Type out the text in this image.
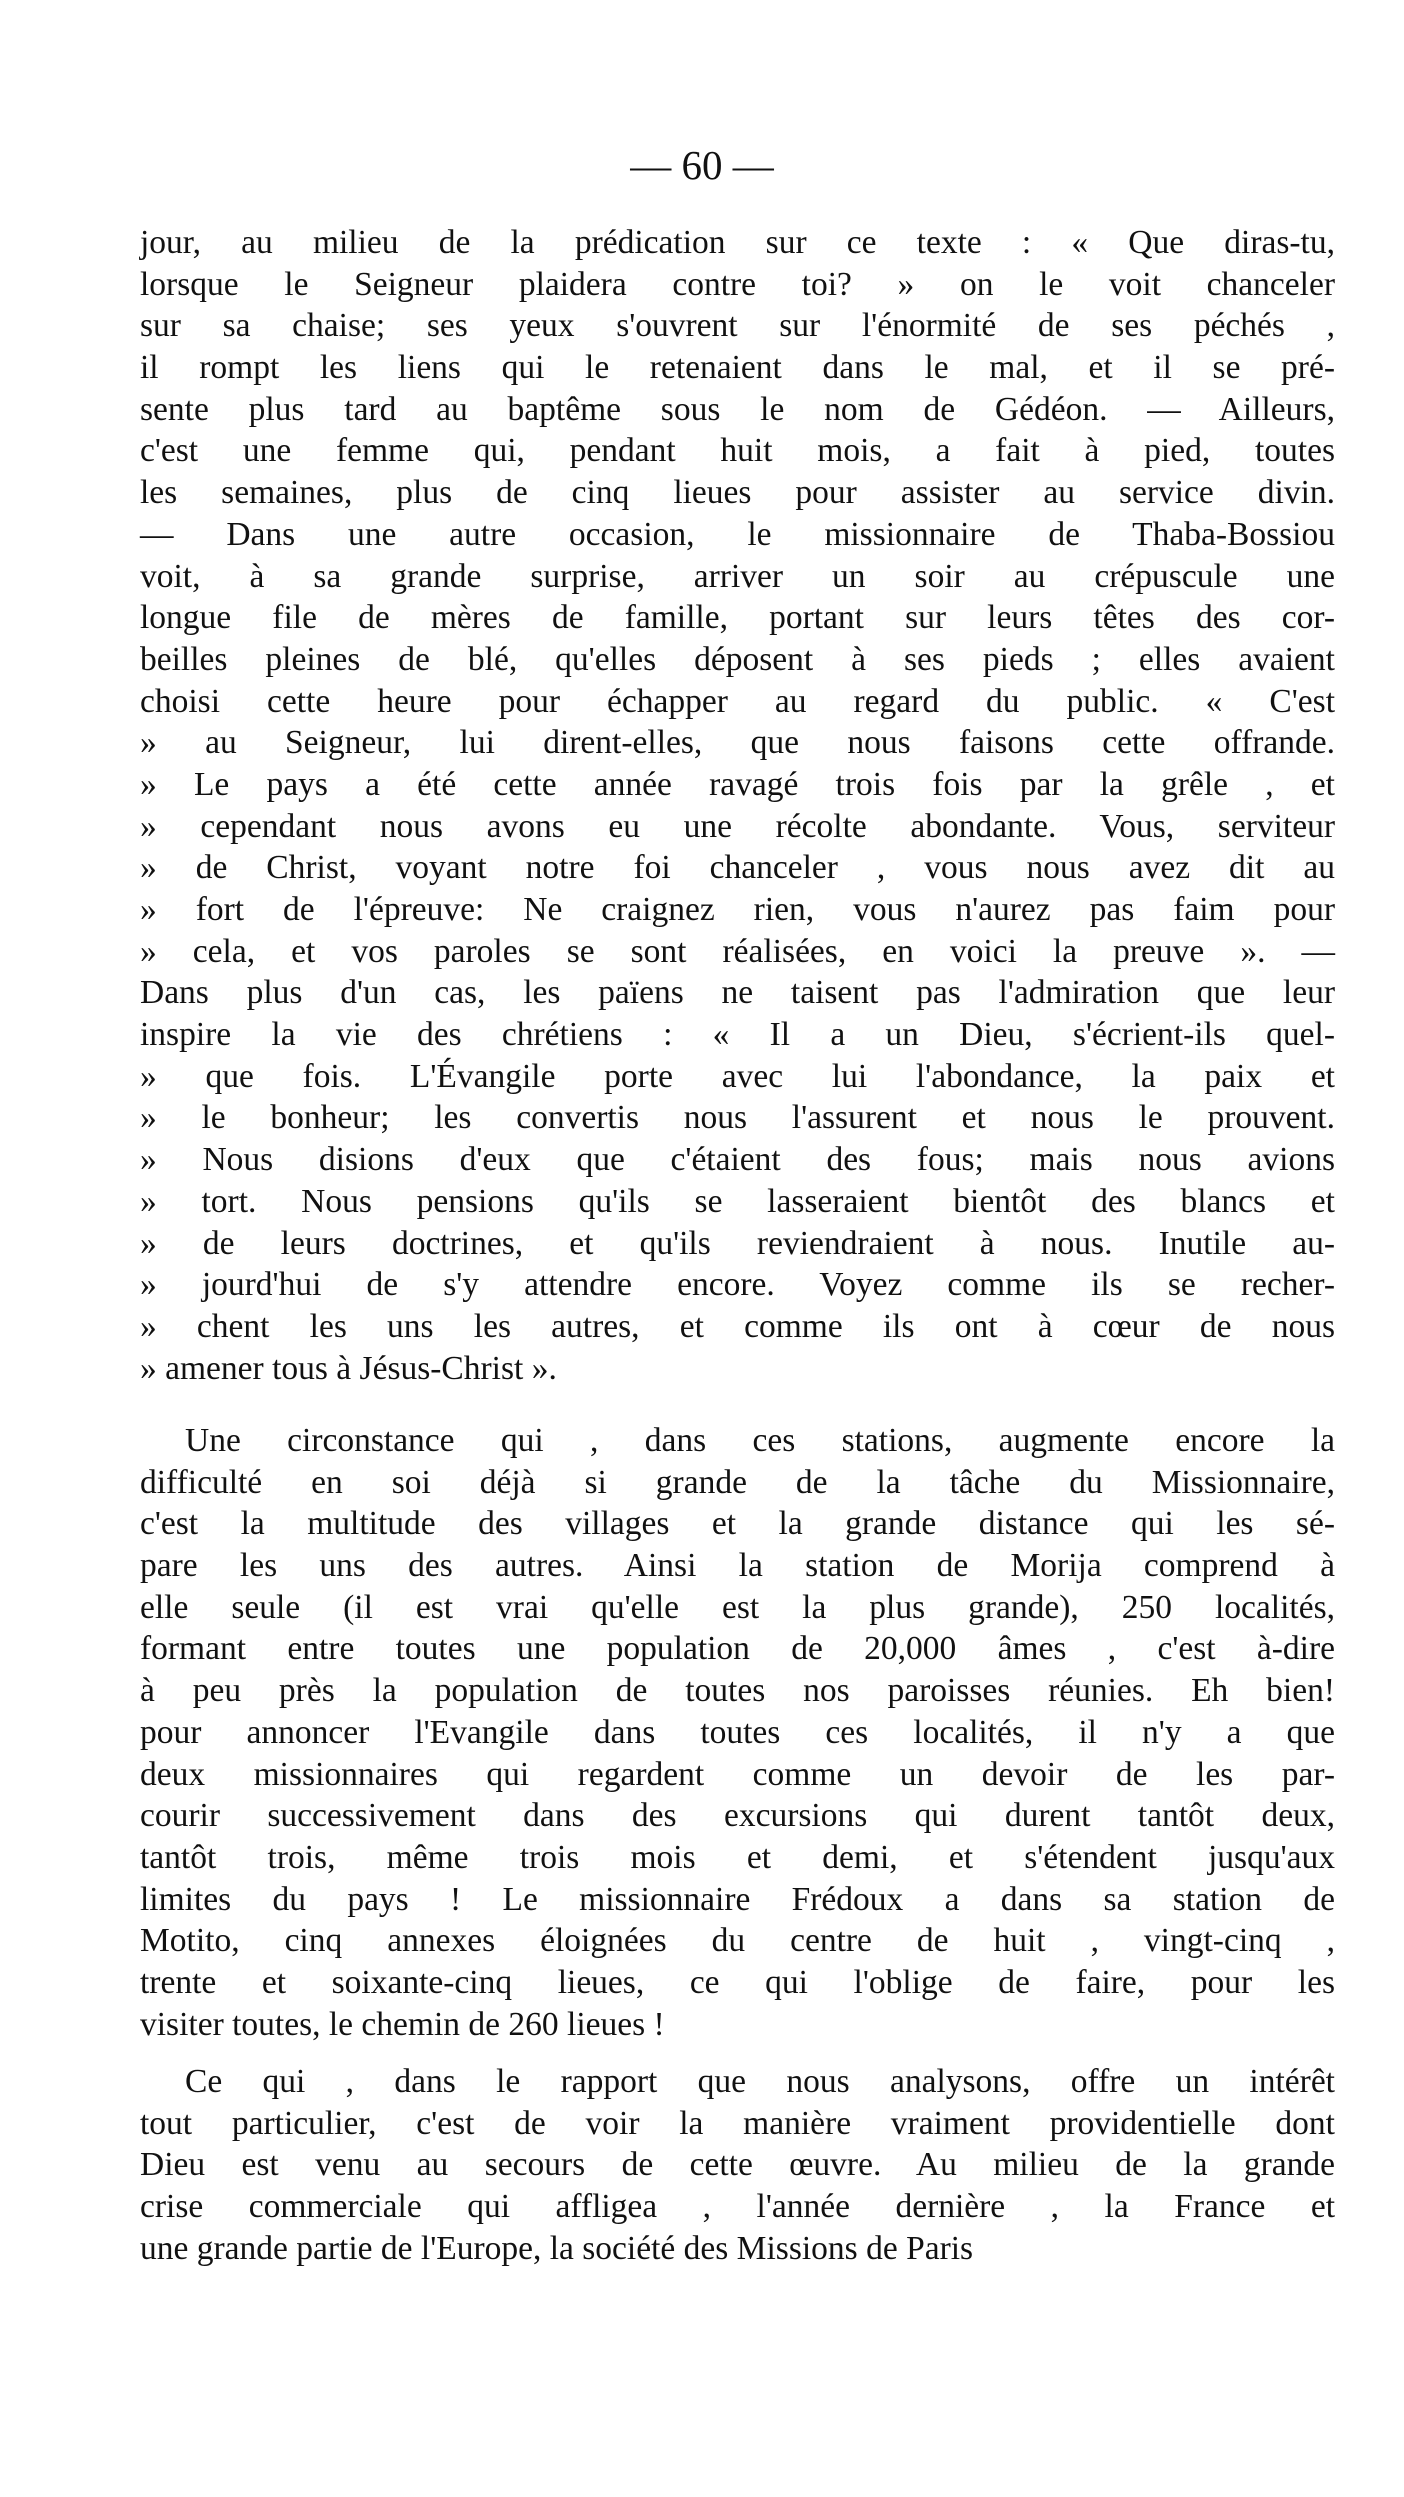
— 60 —
jour, au milieu de la prédication sur ce texte : « Que diras-tu,
lorsque le Seigneur plaidera contre toi? » on le voit chanceler
sur sa chaise; ses yeux s'ouvrent sur l'énormité de ses péchés ,
il rompt les liens qui le retenaient dans le mal, et il se pré-
sente plus tard au baptême sous le nom de Gédéon. — Ailleurs,
c'est une femme qui, pendant huit mois, a fait à pied, toutes
les semaines, plus de cinq lieues pour assister au service divin.
— Dans une autre occasion, le missionnaire de Thaba-Bossiou
voit, à sa grande surprise, arriver un soir au crépuscule une
longue file de mères de famille, portant sur leurs têtes des cor-
beilles pleines de blé, qu'elles déposent à ses pieds ; elles avaient
choisi cette heure pour échapper au regard du public. « C'est
» au Seigneur, lui dirent-elles, que nous faisons cette offrande.
» Le pays a été cette année ravagé trois fois par la grêle , et
» cependant nous avons eu une récolte abondante. Vous, serviteur
» de Christ, voyant notre foi chanceler , vous nous avez dit au
» fort de l'épreuve: Ne craignez rien, vous n'aurez pas faim pour
» cela, et vos paroles se sont réalisées, en voici la preuve ». —
Dans plus d'un cas, les païens ne taisent pas l'admiration que leur
inspire la vie des chrétiens : « Il a un Dieu, s'écrient-ils quel-
» que fois. L'Évangile porte avec lui l'abondance, la paix et
» le bonheur; les convertis nous l'assurent et nous le prouvent.
» Nous disions d'eux que c'étaient des fous; mais nous avions
» tort. Nous pensions qu'ils se lasseraient bientôt des blancs et
» de leurs doctrines, et qu'ils reviendraient à nous. Inutile au-
» jourd'hui de s'y attendre encore. Voyez comme ils se recher-
» chent les uns les autres, et comme ils ont à cœur de nous
» amener tous à Jésus-Christ ».
Une circonstance qui , dans ces stations, augmente encore la
difficulté en soi déjà si grande de la tâche du Missionnaire,
c'est la multitude des villages et la grande distance qui les sé-
pare les uns des autres. Ainsi la station de Morija comprend à
elle seule (il est vrai qu'elle est la plus grande), 250 localités,
formant entre toutes une population de 20,000 âmes , c'est à-dire
à peu près la population de toutes nos paroisses réunies. Eh bien!
pour annoncer l'Evangile dans toutes ces localités, il n'y a que
deux missionnaires qui regardent comme un devoir de les par-
courir successivement dans des excursions qui durent tantôt deux,
tantôt trois, même trois mois et demi, et s'étendent jusqu'aux
limites du pays ! Le missionnaire Frédoux a dans sa station de
Motito, cinq annexes éloignées du centre de huit , vingt-cinq ,
trente et soixante-cinq lieues, ce qui l'oblige de faire, pour les
visiter toutes, le chemin de 260 lieues !
Ce qui , dans le rapport que nous analysons, offre un intérêt
tout particulier, c'est de voir la manière vraiment providentielle dont
Dieu est venu au secours de cette œuvre. Au milieu de la grande
crise commerciale qui affligea , l'année dernière , la France et
une grande partie de l'Europe, la société des Missions de Paris
